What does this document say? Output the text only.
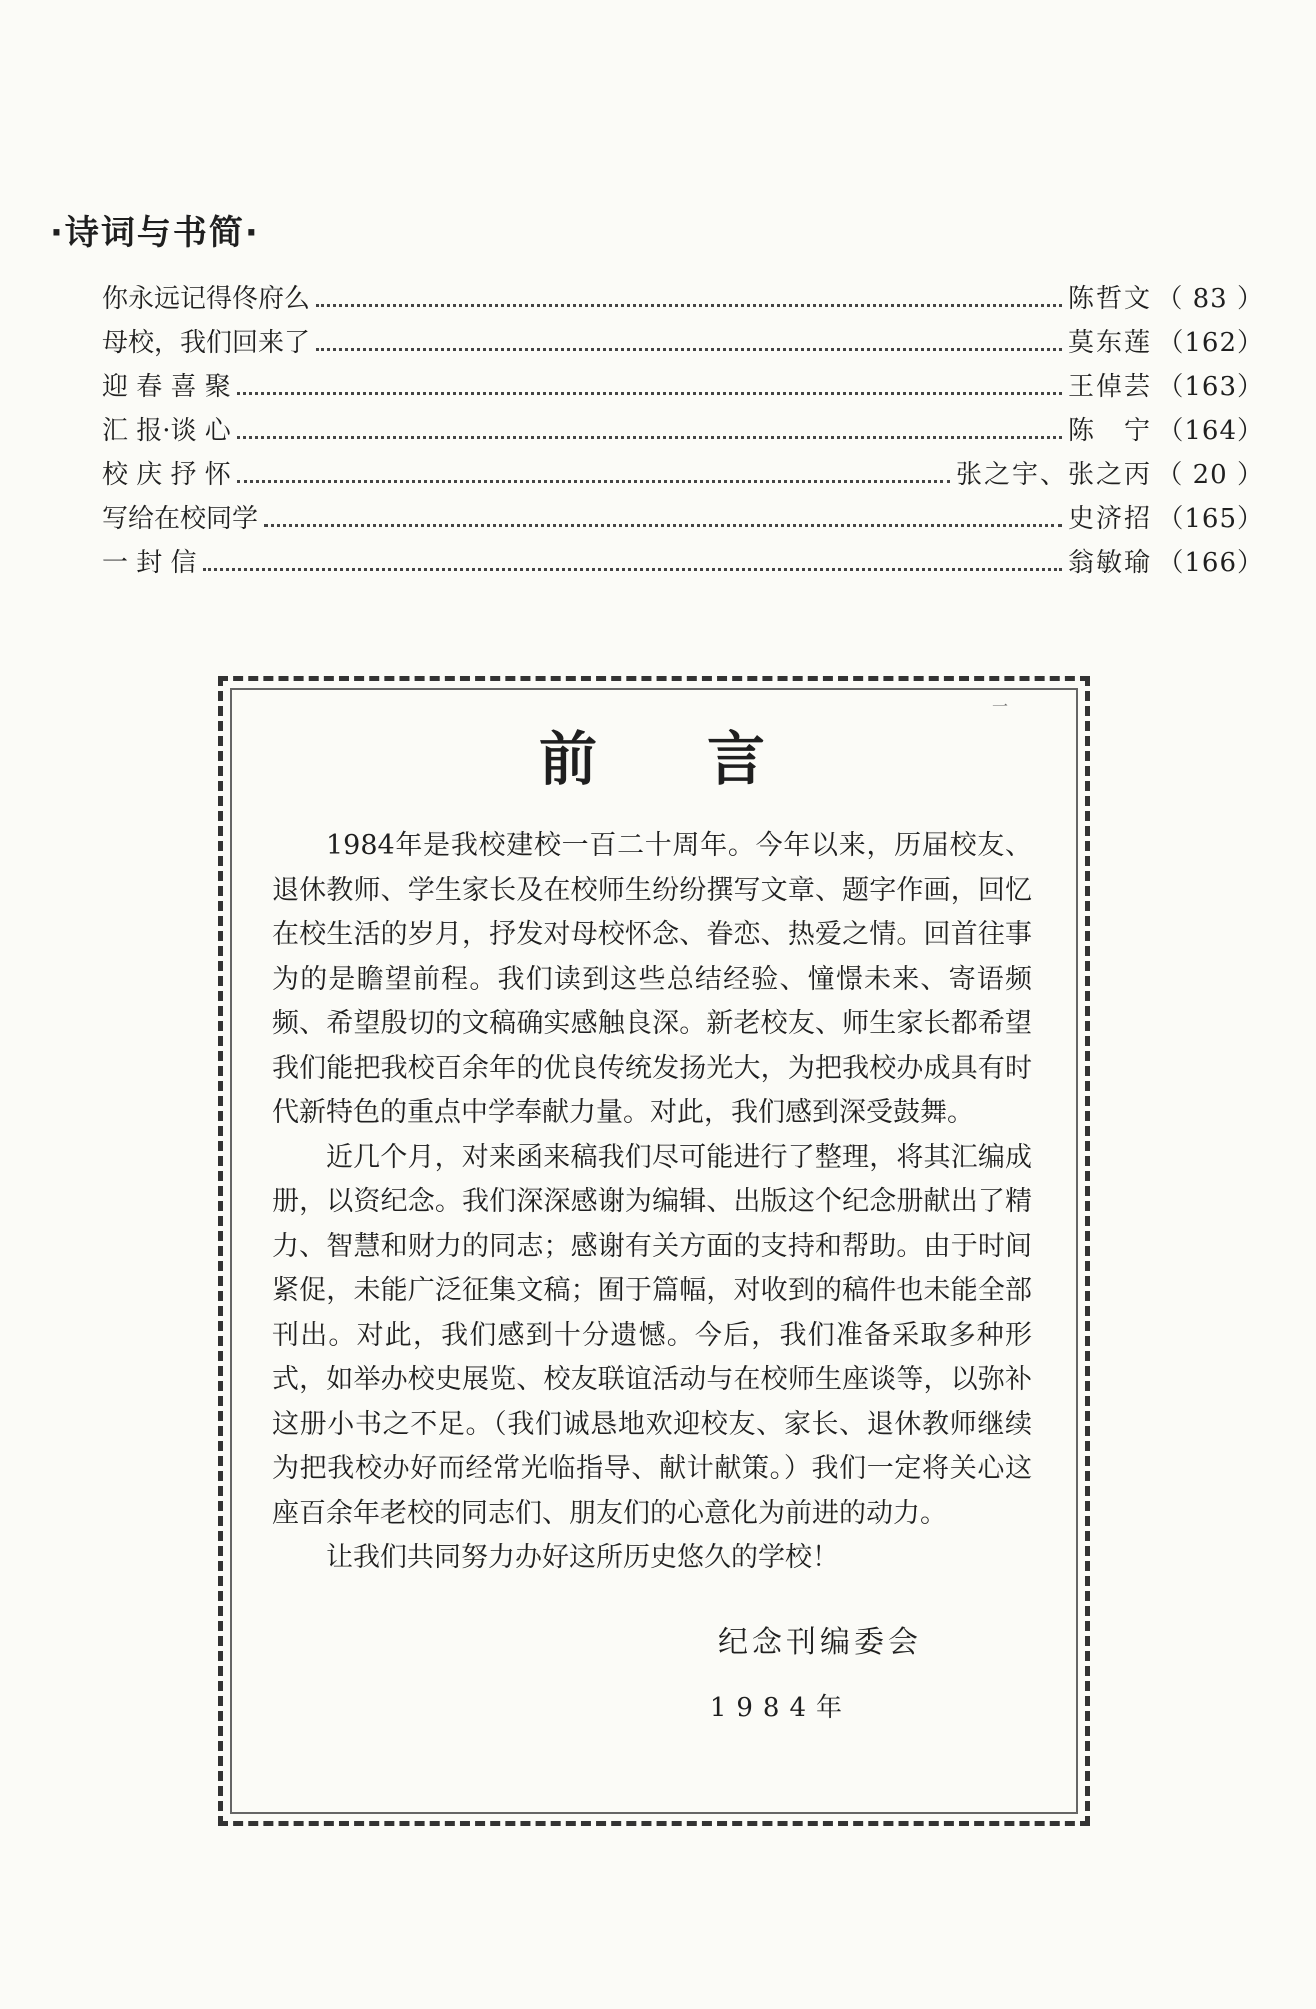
·诗词与书简·
你永远记得佟府么	陈哲文 （ 83 ）
母校，我们回来了	莫东莲 （162）
迎 春 喜 聚	王倬芸 （163）
汇 报·谈 心	陈　宁 （164）
校 庆 抒 怀	张之宇、张之丙 （ 20 ）
写给在校同学	史济招 （165）
一 封 信	翁敏瑜 （166）
一
前言

1984年是我校建校一百二十周年。今年以来，历届校友、退休教师、学生家长及在校师生纷纷撰写文章、题字作画，回忆在校生活的岁月，抒发对母校怀念、眷恋、热爱之情。回首往事为的是瞻望前程。我们读到这些总结经验、憧憬未来、寄语频频、希望殷切的文稿确实感触良深。新老校友、师生家长都希望我们能把我校百余年的优良传统发扬光大，为把我校办成具有时代新特色的重点中学奉献力量。对此，我们感到深受鼓舞。

近几个月，对来函来稿我们尽可能进行了整理，将其汇编成册，以资纪念。我们深深感谢为编辑、出版这个纪念册献出了精力、智慧和财力的同志；感谢有关方面的支持和帮助。由于时间紧促，未能广泛征集文稿；囿于篇幅，对收到的稿件也未能全部刊出。对此，我们感到十分遗憾。今后，我们准备采取多种形式，如举办校史展览、校友联谊活动与在校师生座谈等，以弥补这册小书之不足。（我们诚恳地欢迎校友、家长、退休教师继续为把我校办好而经常光临指导、献计献策。）我们一定将关心这座百余年老校的同志们、朋友们的心意化为前进的动力。

让我们共同努力办好这所历史悠久的学校！

纪念刊编委会
1984年
